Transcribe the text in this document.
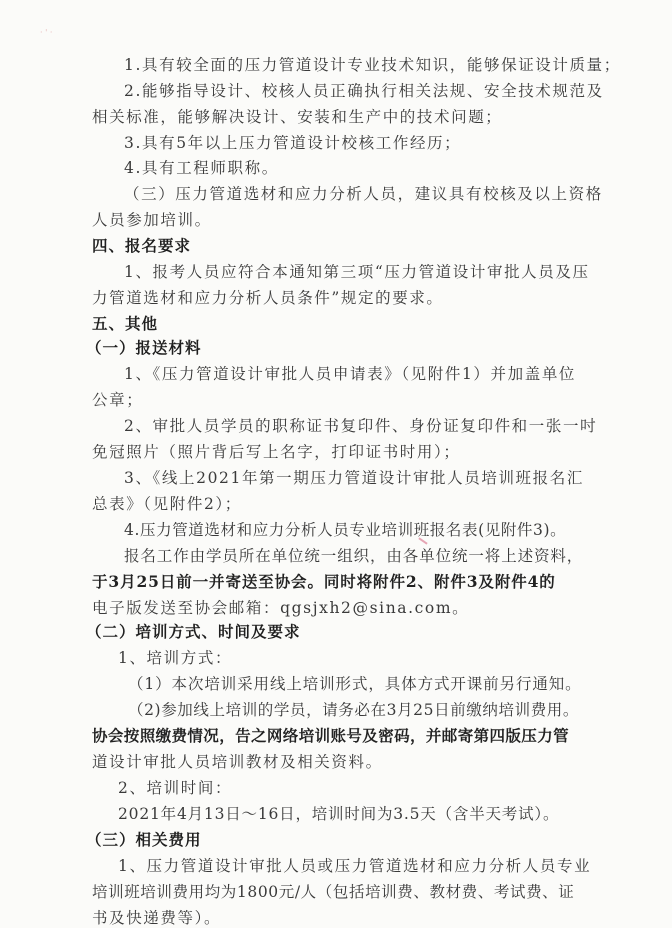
· ' ·
1.具有较全面的压力管道设计专业技术知识，能够保证设计质量；
2.能够指导设计、校核人员正确执行相关法规、安全技术规范及
相关标准，能够解决设计、安装和生产中的技术问题；
3.具有5年以上压力管道设计校核工作经历；
4.具有工程师职称。
（三）压力管道选材和应力分析人员，建议具有校核及以上资格
人员参加培训。
四、报名要求
1、报考人员应符合本通知第三项“压力管道设计审批人员及压
力管道选材和应力分析人员条件”规定的要求。
五、其他
（一）报送材料
1、《压力管道设计审批人员申请表》（见附件1）并加盖单位
公章；
2、审批人员学员的职称证书复印件、身份证复印件和一张一吋
免冠照片（照片背后写上名字，打印证书时用）；
3、《线上2021年第一期压力管道设计审批人员培训班报名汇
总表》（见附件2）；
4.压力管道选材和应力分析人员专业培训班报名表(见附件3)。
报名工作由学员所在单位统一组织，由各单位统一将上述资料，
于3月25日前一并寄送至协会。同时将附件2、附件3及附件4的
电子版发送至协会邮箱：qgsjxh2@sina.com。
（二）培训方式、时间及要求
1、培训方式：
（1）本次培训采用线上培训形式，具体方式开课前另行通知。
（2)参加线上培训的学员，请务必在3月25日前缴纳培训费用。
协会按照缴费情况，告之网络培训账号及密码，并邮寄第四版压力管
道设计审批人员培训教材及相关资料。
2、培训时间：
2021年4月13日～16日，培训时间为3.5天（含半天考试）。
（三）相关费用
1、压力管道设计审批人员或压力管道选材和应力分析人员专业
培训班培训费用均为1800元/人（包括培训费、教材费、考试费、证
书及快递费等）。
